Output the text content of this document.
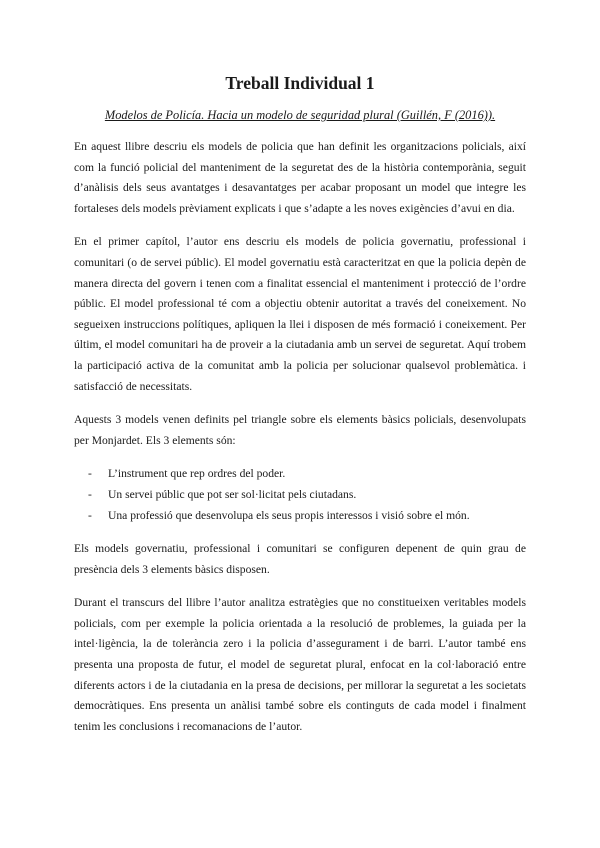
Treball Individual 1
Modelos de Policía. Hacia un modelo de seguridad plural (Guillén, F (2016)).

En aquest llibre descriu els models de policia que han definit les organitzacions policials, així com la funció policial del manteniment de la seguretat des de la història contemporània, seguit d’anàlisis dels seus avantatges i desavantatges per acabar proposant un model que integre les fortaleses dels models prèviament explicats i que s’adapte a les noves exigències d’avui en dia.

En el primer capítol, l’autor ens descriu els models de policia governatiu, professional i comunitari (o de servei públic). El model governatiu està caracteritzat en que la policia depèn de manera directa del govern i tenen com a finalitat essencial el manteniment i protecció de l’ordre públic. El model professional té com a objectiu obtenir autoritat a través del coneixement. No segueixen instruccions polítiques, apliquen la llei i disposen de més formació i coneixement. Per últim, el model comunitari ha de proveir a la ciutadania amb un servei de seguretat. Aquí trobem la participació activa de la comunitat amb la policia per solucionar qualsevol problemàtica. i satisfacció de necessitats.

Aquests 3 models venen definits pel triangle sobre els elements bàsics policials, desenvolupats per Monjardet. Els 3 elements són:

- L’instrument que rep ordres del poder.
- Un servei públic que pot ser sol·licitat pels ciutadans.
- Una professió que desenvolupa els seus propis interessos i visió sobre el món.

Els models governatiu, professional i comunitari se configuren depenent de quin grau de presència dels 3 elements bàsics disposen.

Durant el transcurs del llibre l’autor analitza estratègies que no constitueixen veritables models policials, com per exemple la policia orientada a la resolució de problemes, la guiada per la intel·ligència, la de tolerància zero i la policia d’assegurament i de barri. L’autor també ens presenta una proposta de futur, el model de seguretat plural, enfocat en la col·laboració entre diferents actors i de la ciutadania en la presa de decisions, per millorar la seguretat a les societats democràtiques. Ens presenta un anàlisi també sobre els continguts de cada model i finalment tenim les conclusions i recomanacions de l’autor.
